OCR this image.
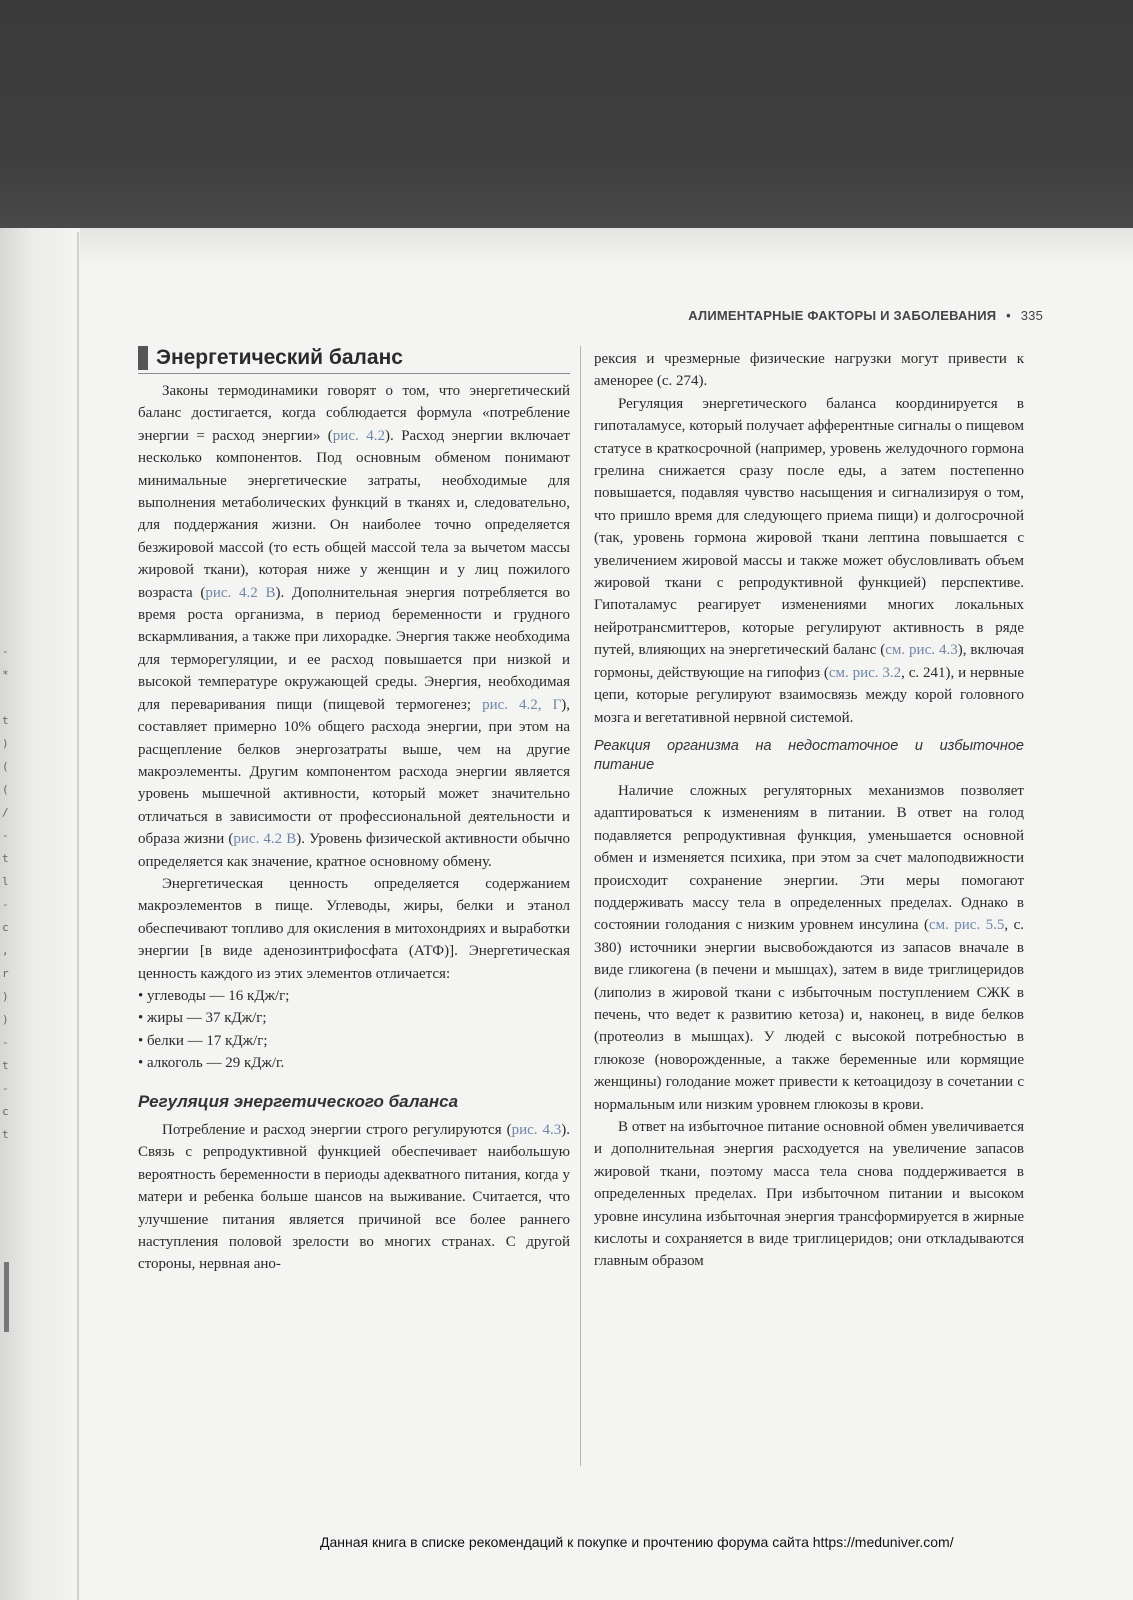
-
*

t
)
(
(
/
-
t
l
-
c
,
r
)
)
-
t
-
c
t
АЛИМЕНТАРНЫЕ ФАКТОРЫ И ЗАБОЛЕВАНИЯ • 335
Энергетический баланс

Законы термодинамики говорят о том, что энергетический баланс достигается, когда соблюдается формула «потребление энергии = расход энергии» (рис. 4.2). Расход энергии включает несколько компонентов. Под основным обменом понимают минимальные энергетические затраты, необходимые для выполнения метаболических функций в тканях и, следовательно, для поддержания жизни. Он наиболее точно определяется безжировой массой (то есть общей массой тела за вычетом массы жировой ткани), которая ниже у женщин и у лиц пожилого возраста (рис. 4.2 В). Дополнительная энергия потребляется во время роста организма, в период беременности и грудного вскармливания, а также при лихорадке. Энергия также необходима для терморегуляции, и ее расход повышается при низкой и высокой температуре окружающей среды. Энергия, необходимая для переваривания пищи (пищевой термогенез; рис. 4.2, Г), составляет примерно 10% общего расхода энергии, при этом на расщепление белков энергозатраты выше, чем на другие макроэлементы. Другим компонентом расхода энергии является уровень мышечной активности, который может значительно отличаться в зависимости от профессиональной деятельности и образа жизни (рис. 4.2 В). Уровень физической активности обычно определяется как значение, кратное основному обмену.

Энергетическая ценность определяется содержанием макроэлементов в пище. Углеводы, жиры, белки и этанол обеспечивают топливо для окисления в митохондриях и выработки энергии [в виде аденозинтрифосфата (АТФ)]. Энергетическая ценность каждого из этих элементов отличается:

• углеводы — 16 кДж/г;
• жиры — 37 кДж/г;
• белки — 17 кДж/г;
• алкоголь — 29 кДж/г.
Регуляция энергетического баланса

Потребление и расход энергии строго регулируются (рис. 4.3). Связь с репродуктивной функцией обеспечивает наибольшую вероятность беременности в периоды адекватного питания, когда у матери и ребенка больше шансов на выживание. Считается, что улучшение питания является причиной все более раннего наступления половой зрелости во многих странах. С другой стороны, нервная ано-

рексия и чрезмерные физические нагрузки могут привести к аменорее (с. 274).

Регуляция энергетического баланса координируется в гипоталамусе, который получает афферентные сигналы о пищевом статусе в краткосрочной (например, уровень желудочного гормона грелина снижается сразу после еды, а затем постепенно повышается, подавляя чувство насыщения и сигнализируя о том, что пришло время для следующего приема пищи) и долгосрочной (так, уровень гормона жировой ткани лептина повышается с увеличением жировой массы и также может обусловливать объем жировой ткани с репродуктивной функцией) перспективе. Гипоталамус реагирует изменениями многих локальных нейротрансмиттеров, которые регулируют активность в ряде путей, влияющих на энергетический баланс (см. рис. 4.3), включая гормоны, действующие на гипофиз (см. рис. 3.2, с. 241), и нервные цепи, которые регулируют взаимосвязь между корой головного мозга и вегетативной нервной системой.

Реакция организма на недостаточное и избыточное питание

Наличие сложных регуляторных механизмов позволяет адаптироваться к изменениям в питании. В ответ на голод подавляется репродуктивная функция, уменьшается основной обмен и изменяется психика, при этом за счет малоподвижности происходит сохранение энергии. Эти меры помогают поддерживать массу тела в определенных пределах. Однако в состоянии голодания с низким уровнем инсулина (см. рис. 5.5, с. 380) источники энергии высвобождаются из запасов вначале в виде гликогена (в печени и мышцах), затем в виде триглицеридов (липолиз в жировой ткани с избыточным поступлением СЖК в печень, что ведет к развитию кетоза) и, наконец, в виде белков (протеолиз в мышцах). У людей с высокой потребностью в глюкозе (новорожденные, а также беременные или кормящие женщины) голодание может привести к кетоацидозу в сочетании с нормальным или низким уровнем глюкозы в крови.

В ответ на избыточное питание основной обмен увеличивается и дополнительная энергия расходуется на увеличение запасов жировой ткани, поэтому масса тела снова поддерживается в определенных пределах. При избыточном питании и высоком уровне инсулина избыточная энергия трансформируется в жирные кислоты и сохраняется в виде триглицеридов; они откладываются главным образом

Данная книга в списке рекомендаций к покупке и прочтению форума сайта https://meduniver.com/
